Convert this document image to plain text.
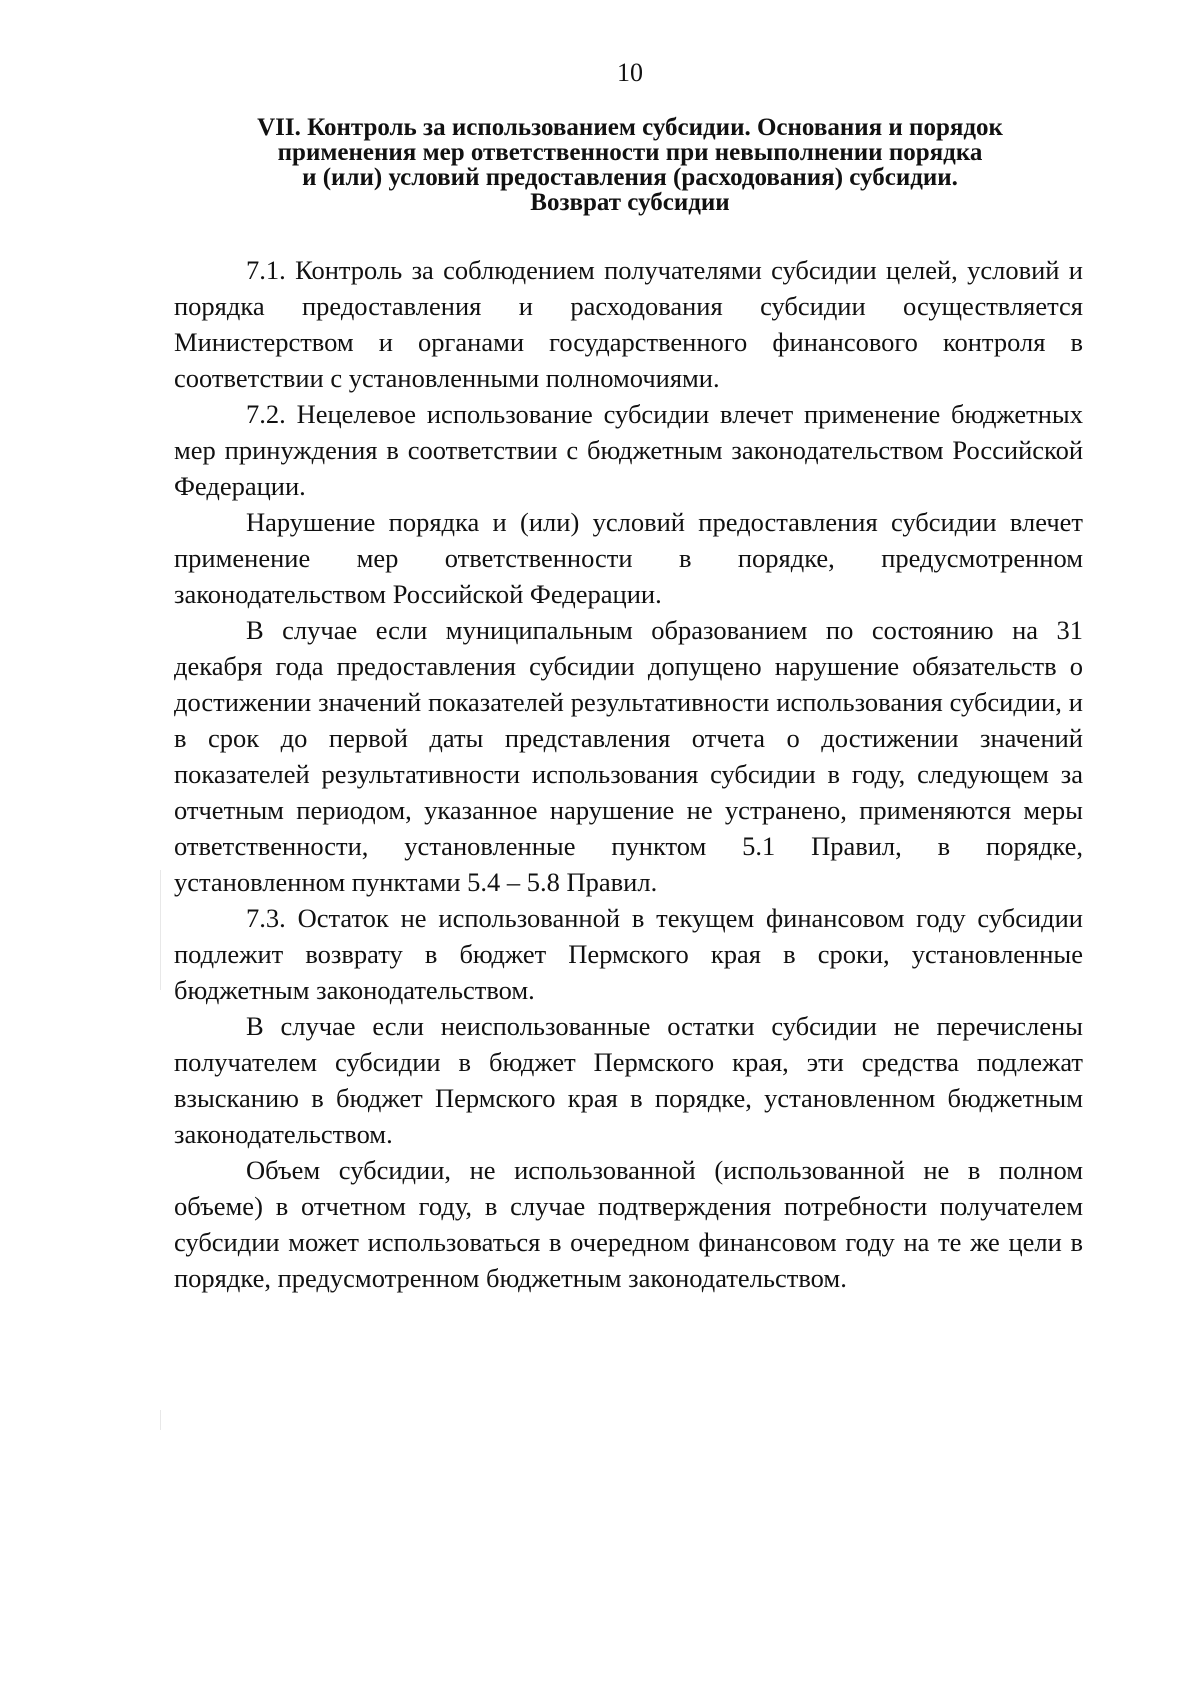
10
VII. Контроль за использованием субсидии. Основания и порядок
применения мер ответственности при невыполнении порядка
и (или) условий предоставления (расходования) субсидии.
Возврат субсидии

7.1. Контроль за соблюдением получателями субсидии целей, условий и порядка предоставления и расходования субсидии осуществляется Министерством и органами государственного финансового контроля в соответствии с установленными полномочиями.

7.2. Нецелевое использование субсидии влечет применение бюджетных мер принуждения в соответствии с бюджетным законодательством Российской Федерации.

Нарушение порядка и (или) условий предоставления субсидии влечет применение мер ответственности в порядке, предусмотренном законодательством Российской Федерации.

В случае если муниципальным образованием по состоянию на 31 декабря года предоставления субсидии допущено нарушение обязательств о достижении значений показателей результативности использования субсидии, и в срок до первой даты представления отчета о достижении значений показателей результативности использования субсидии в году, следующем за отчетным периодом, указанное нарушение не устранено, применяются меры ответственности, установленные пунктом 5.1 Правил, в порядке, установленном пунктами 5.4 – 5.8 Правил.

7.3. Остаток не использованной в текущем финансовом году субсидии подлежит возврату в бюджет Пермского края в сроки, установленные бюджетным законодательством.

В случае если неиспользованные остатки субсидии не перечислены получателем субсидии в бюджет Пермского края, эти средства подлежат взысканию в бюджет Пермского края в порядке, установленном бюджетным законодательством.

Объем субсидии, не использованной (использованной не в полном объеме) в отчетном году, в случае подтверждения потребности получателем субсидии может использоваться в очередном финансовом году на те же цели в порядке, предусмотренном бюджетным законодательством.
